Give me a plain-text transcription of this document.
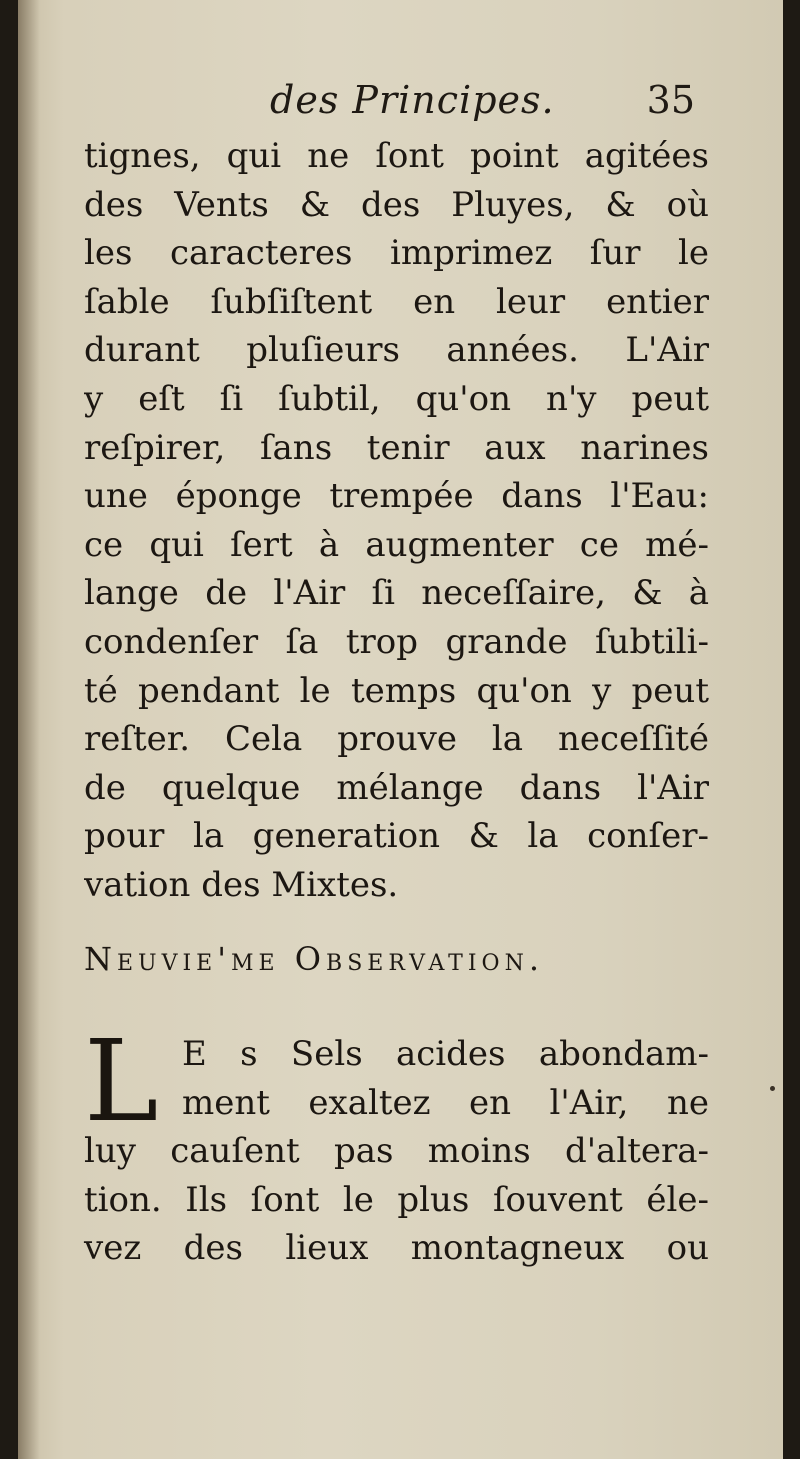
des Principes. 35

tignes, qui ne ſont point agitées
des Vents & des Pluyes, & où
les caracteres imprimez ſur le
ſable ſubſiſtent en leur entier
durant pluſieurs années. L'Air
y eſt ſi ſubtil, qu'on n'y peut
reſpirer, ſans tenir aux narines
une éponge trempée dans l'Eau:
ce qui ſert à augmenter ce mé-
lange de l'Air ſi neceſſaire, & à
condenſer ſa trop grande ſubtili-
té pendant le temps qu'on y peut
reſter. Cela prouve la neceſſité
de quelque mélange dans l'Air
pour la generation & la conſer-
vation des Mixtes.

Neuvie'me Observation.
L E s Sels acides abondam-
ment exaltez en l'Air, ne
luy cauſent pas moins d'altera-
tion. Ils ſont le plus ſouvent éle-
vez des lieux montagneux ou
